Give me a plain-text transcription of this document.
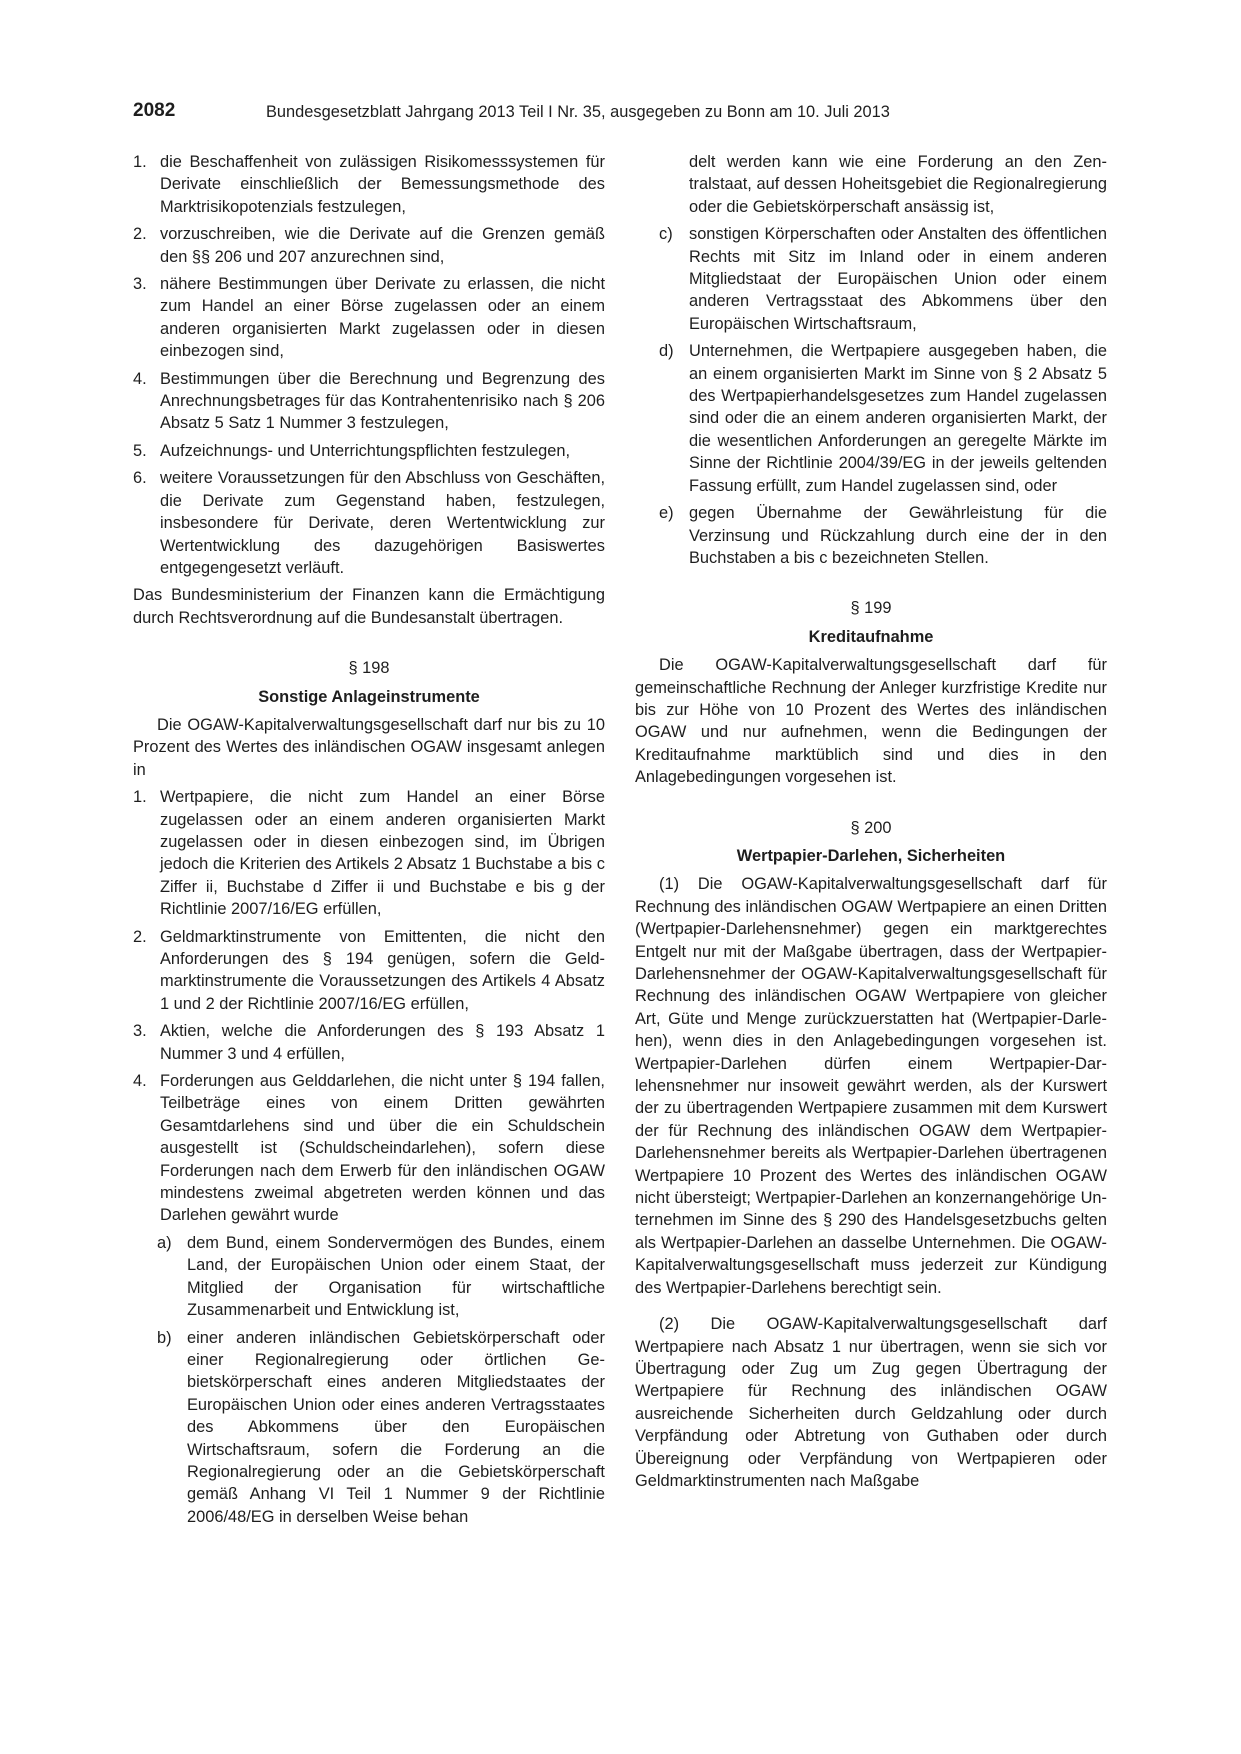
2082	Bundesgesetzblatt Jahrgang 2013 Teil I Nr. 35, ausgegeben zu Bonn am 10. Juli 2013
1. die Beschaffenheit von zulässigen Risikomesssystemen für Derivate einschließlich der Bemessungsmethode des Marktrisikopotenzials festzulegen,
2. vorzuschreiben, wie die Derivate auf die Grenzen gemäß den §§ 206 und 207 anzurechnen sind,
3. nähere Bestimmungen über Derivate zu erlassen, die nicht zum Handel an einer Börse zugelassen oder an einem anderen organisierten Markt zugelassen oder in diesen einbezogen sind,
4. Bestimmungen über die Berechnung und Begrenzung des Anrechnungsbetrages für das Kontrahentenrisiko nach § 206 Absatz 5 Satz 1 Nummer 3 festzulegen,
5. Aufzeichnungs- und Unterrichtungspflichten festzulegen,
6. weitere Voraussetzungen für den Abschluss von Geschäften, die Derivate zum Gegenstand haben, festzulegen, insbesondere für Derivate, deren Wertentwicklung zur Wertentwicklung des dazugehörigen Basiswertes entgegengesetzt verläuft.
Das Bundesministerium der Finanzen kann die Ermächtigung durch Rechtsverordnung auf die Bundesanstalt übertragen.
§ 198
Sonstige Anlageinstrumente
Die OGAW-Kapitalverwaltungsgesellschaft darf nur bis zu 10 Prozent des Wertes des inländischen OGAW insgesamt anlegen in
1. Wertpapiere, die nicht zum Handel an einer Börse zugelassen oder an einem anderen organisierten Markt zugelassen oder in diesen einbezogen sind, im Übrigen jedoch die Kriterien des Artikels 2 Absatz 1 Buchstabe a bis c Ziffer ii, Buchstabe d Ziffer ii und Buchstabe e bis g der Richtlinie 2007/16/EG erfüllen,
2. Geldmarktinstrumente von Emittenten, die nicht den Anforderungen des § 194 genügen, sofern die Geldmarktinstrumente die Voraussetzungen des Artikels 4 Absatz 1 und 2 der Richtlinie 2007/16/EG erfüllen,
3. Aktien, welche die Anforderungen des § 193 Absatz 1 Nummer 3 und 4 erfüllen,
4. Forderungen aus Gelddarlehen, die nicht unter § 194 fallen, Teilbeträge eines von einem Dritten gewährten Gesamtdarlehens sind und über die ein Schuldschein ausgestellt ist (Schuldscheindarlehen), sofern diese Forderungen nach dem Erwerb für den inländischen OGAW mindestens zweimal abgetreten werden können und das Darlehen gewährt wurde
a) dem Bund, einem Sondervermögen des Bundes, einem Land, der Europäischen Union oder einem Staat, der Mitglied der Organisation für wirtschaftliche Zusammenarbeit und Entwicklung ist,
b) einer anderen inländischen Gebietskörperschaft oder einer Regionalregierung oder örtlichen Gebietskörperschaft eines anderen Mitgliedstaates der Europäischen Union oder eines anderen Vertragsstaates des Abkommens über den Europäischen Wirtschaftsraum, sofern die Forderung an die Regionalregierung oder an die Gebietskörperschaft gemäß Anhang VI Teil 1 Nummer 9 der Richtlinie 2006/48/EG in derselben Weise behan
delt werden kann wie eine Forderung an den Zentralstaat, auf dessen Hoheitsgebiet die Regionalregierung oder die Gebietskörperschaft ansässig ist,
c) sonstigen Körperschaften oder Anstalten des öffentlichen Rechts mit Sitz im Inland oder in einem anderen Mitgliedstaat der Europäischen Union oder einem anderen Vertragsstaat des Abkommens über den Europäischen Wirtschaftsraum,
d) Unternehmen, die Wertpapiere ausgegeben haben, die an einem organisierten Markt im Sinne von § 2 Absatz 5 des Wertpapierhandelsgesetzes zum Handel zugelassen sind oder die an einem anderen organisierten Markt, der die wesentlichen Anforderungen an geregelte Märkte im Sinne der Richtlinie 2004/39/EG in der jeweils geltenden Fassung erfüllt, zum Handel zugelassen sind, oder
e) gegen Übernahme der Gewährleistung für die Verzinsung und Rückzahlung durch eine der in den Buchstaben a bis c bezeichneten Stellen.
§ 199
Kreditaufnahme
Die OGAW-Kapitalverwaltungsgesellschaft darf für gemeinschaftliche Rechnung der Anleger kurzfristige Kredite nur bis zur Höhe von 10 Prozent des Wertes des inländischen OGAW und nur aufnehmen, wenn die Bedingungen der Kreditaufnahme marktüblich sind und dies in den Anlagebedingungen vorgesehen ist.
§ 200
Wertpapier-Darlehen, Sicherheiten
(1) Die OGAW-Kapitalverwaltungsgesellschaft darf für Rechnung des inländischen OGAW Wertpapiere an einen Dritten (Wertpapier-Darlehensnehmer) gegen ein marktgerechtes Entgelt nur mit der Maßgabe übertragen, dass der Wertpapier-Darlehensnehmer der OGAW-Kapitalverwaltungsgesellschaft für Rechnung des inländischen OGAW Wertpapiere von gleicher Art, Güte und Menge zurückzuerstatten hat (Wertpapier-Darlehen), wenn dies in den Anlagebedingungen vorgesehen ist. Wertpapier-Darlehen dürfen einem Wertpapier-Darlehensnehmer nur insoweit gewährt werden, als der Kurswert der zu übertragenden Wertpapiere zusammen mit dem Kurswert der für Rechnung des inländischen OGAW dem Wertpapier-Darlehensnehmer bereits als Wertpapier-Darlehen übertragenen Wertpapiere 10 Prozent des Wertes des inländischen OGAW nicht übersteigt; Wertpapier-Darlehen an konzernangehörige Unternehmen im Sinne des § 290 des Handelsgesetzbuchs gelten als Wertpapier-Darlehen an dasselbe Unternehmen. Die OGAW-Kapitalverwaltungsgesellschaft muss jederzeit zur Kündigung des Wertpapier-Darlehens berechtigt sein.
(2) Die OGAW-Kapitalverwaltungsgesellschaft darf Wertpapiere nach Absatz 1 nur übertragen, wenn sie sich vor Übertragung oder Zug um Zug gegen Übertragung der Wertpapiere für Rechnung des inländischen OGAW ausreichende Sicherheiten durch Geldzahlung oder durch Verpfändung oder Abtretung von Guthaben oder durch Übereignung oder Verpfändung von Wertpapieren oder Geldmarktinstrumenten nach Maßgabe
